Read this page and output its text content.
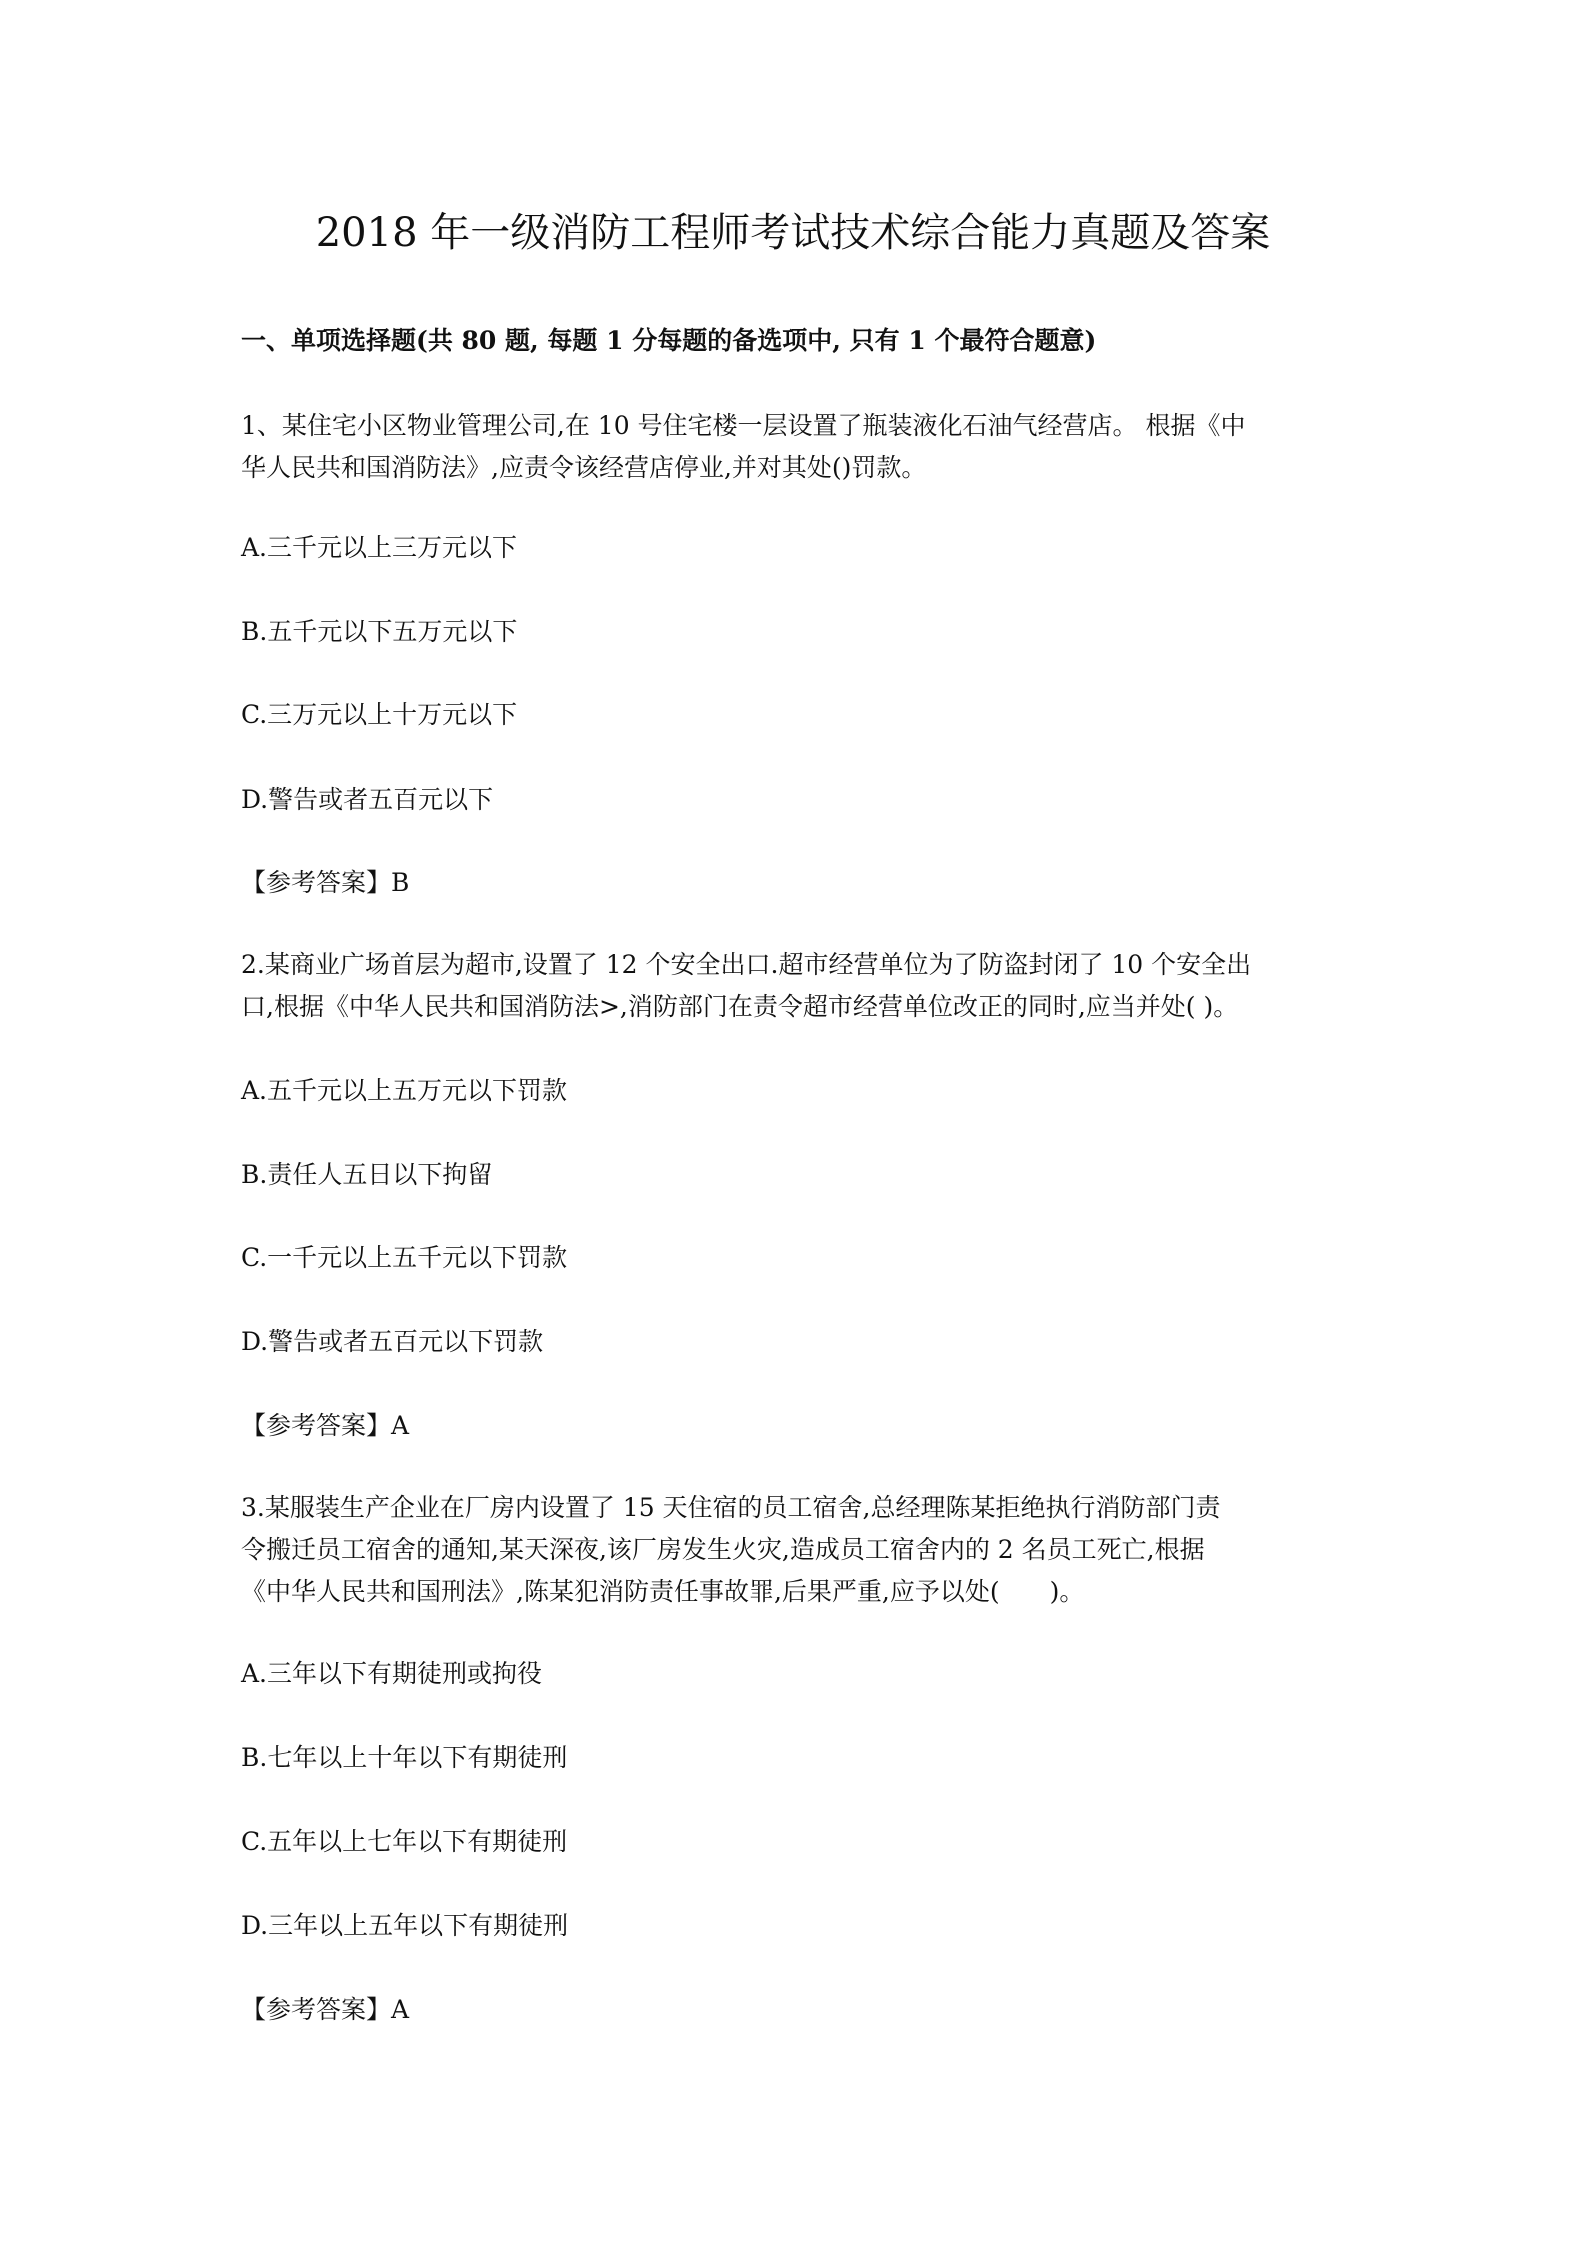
2018 年一级消防工程师考试技术综合能力真题及答案
一、单项选择题(共 80 题, 每题 1 分每题的备选项中, 只有 1 个最符合题意)
1、某住宅小区物业管理公司,在 10 号住宅楼一层设置了瓶装液化石油气经营店。 根据《中
华人民共和国消防法》,应责令该经营店停业,并对其处()罚款。
A.三千元以上三万元以下
B.五千元以下五万元以下
C.三万元以上十万元以下
D.警告或者五百元以下
【参考答案】B
2.某商业广场首层为超市,设置了 12 个安全出口.超市经营单位为了防盗封闭了 10 个安全出
口,根据《中华人民共和国消防法>,消防部门在责令超市经营单位改正的同时,应当并处( )。
A.五千元以上五万元以下罚款
B.责任人五日以下拘留
C.一千元以上五千元以下罚款
D.警告或者五百元以下罚款
【参考答案】A
3.某服装生产企业在厂房内设置了 15 天住宿的员工宿舍,总经理陈某拒绝执行消防部门责
令搬迁员工宿舍的通知,某天深夜,该厂房发生火灾,造成员工宿舍内的 2 名员工死亡,根据
《中华人民共和国刑法》,陈某犯消防责任事故罪,后果严重,应予以处(　　)。
A.三年以下有期徒刑或拘役
B.七年以上十年以下有期徒刑
C.五年以上七年以下有期徒刑
D.三年以上五年以下有期徒刑
【参考答案】A
